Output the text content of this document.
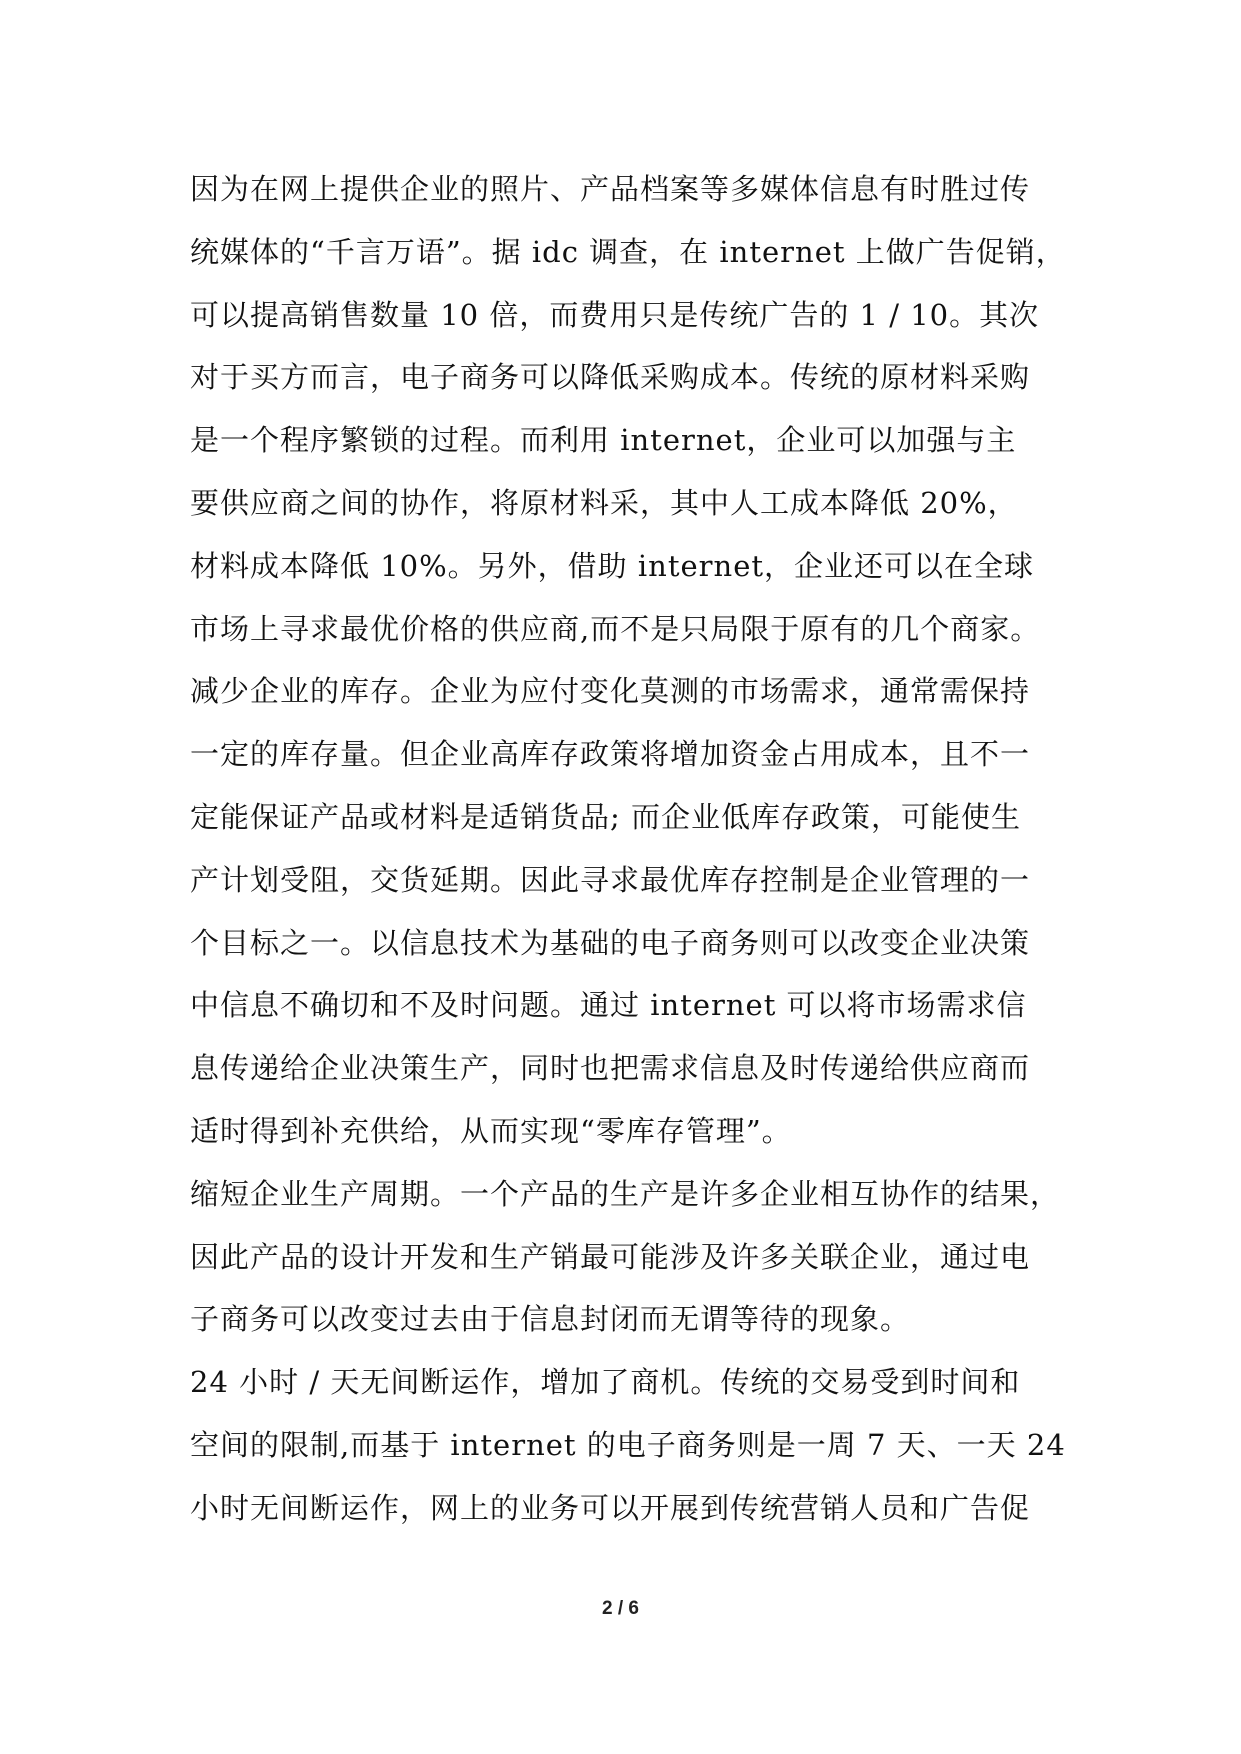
因为在网上提供企业的照片、产品档案等多媒体信息有时胜过传
统媒体的“千言万语”。据 idc 调查，在 internet 上做广告促销，
可以提高销售数量 10 倍，而费用只是传统广告的 1 / 10。其次
对于买方而言，电子商务可以降低采购成本。传统的原材料采购
是一个程序繁锁的过程。而利用 internet，企业可以加强与主
要供应商之间的协作，将原材料采，其中人工成本降低 20%，
材料成本降低 10%。另外，借助 internet，企业还可以在全球
市场上寻求最优价格的供应商,而不是只局限于原有的几个商家。
减少企业的库存。企业为应付变化莫测的市场需求，通常需保持
一定的库存量。但企业高库存政策将增加资金占用成本，且不一
定能保证产品或材料是适销货品; 而企业低库存政策，可能使生
产计划受阻，交货延期。因此寻求最优库存控制是企业管理的一
个目标之一。以信息技术为基础的电子商务则可以改变企业决策
中信息不确切和不及时问题。通过 internet 可以将市场需求信
息传递给企业决策生产，同时也把需求信息及时传递给供应商而
适时得到补充供给，从而实现“零库存管理”。
缩短企业生产周期。一个产品的生产是许多企业相互协作的结果，
因此产品的设计开发和生产销最可能涉及许多关联企业，通过电
子商务可以改变过去由于信息封闭而无谓等待的现象。
24 小时 / 天无间断运作，增加了商机。传统的交易受到时间和
空间的限制,而基于 internet 的电子商务则是一周 7 天、一天 24
小时无间断运作，网上的业务可以开展到传统营销人员和广告促
2 / 6
